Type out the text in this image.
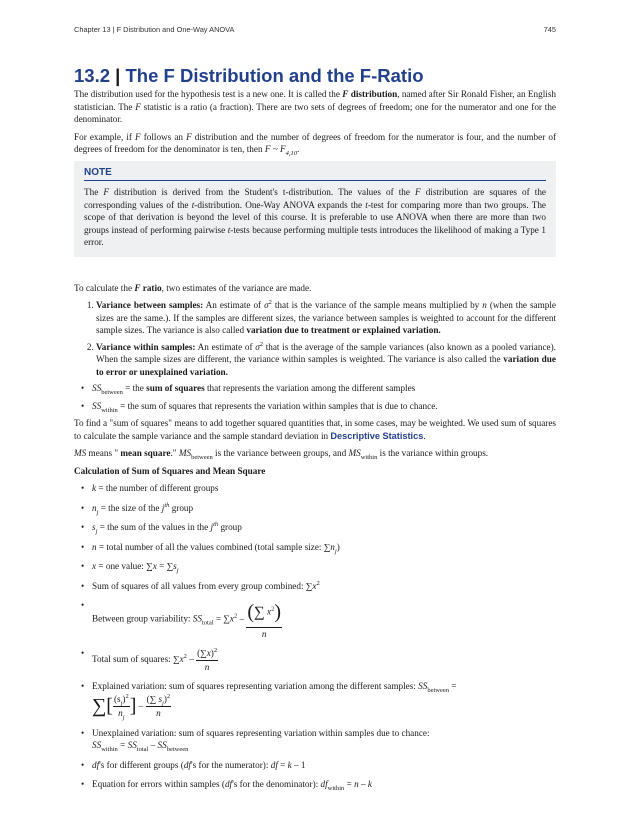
Chapter 13 | F Distribution and One-Way ANOVA	745
13.2 | The F Distribution and the F-Ratio

The distribution used for the hypothesis test is a new one. It is called the F distribution, named after Sir Ronald Fisher, an English statistician. The F statistic is a ratio (a fraction). There are two sets of degrees of freedom; one for the numerator and one for the denominator.

For example, if F follows an F distribution and the number of degrees of freedom for the numerator is four, and the number of degrees of freedom for the denominator is ten, then F ~ $F_{4,10}$.

NOTE

The F distribution is derived from the Student's t-distribution. The values of the F distribution are squares of the corresponding values of the t-distribution. One-Way ANOVA expands the t-test for comparing more than two groups. The scope of that derivation is beyond the level of this course. It is preferable to use ANOVA when there are more than two groups instead of performing pairwise t-tests because performing multiple tests introduces the likelihood of making a Type 1 error.

To calculate the F ratio, two estimates of the variance are made.

1. Variance between samples: An estimate of $\sigma^2$ that is the variance of the sample means multiplied by n (when the sample sizes are the same.). If the samples are different sizes, the variance between samples is weighted to account for the different sample sizes. The variance is also called variation due to treatment or explained variation.
2. Variance within samples: An estimate of $\sigma^2$ that is the average of the sample variances (also known as a pooled variance). When the sample sizes are different, the variance within samples is weighted. The variance is also called the variation due to error or unexplained variation.
• $SS_{between}$ = the sum of squares that represents the variation among the different samples
• $SS_{within}$ = the sum of squares that represents the variation within samples that is due to chance.

To find a "sum of squares" means to add together squared quantities that, in some cases, may be weighted. We used sum of squares to calculate the sample variance and the sample standard deviation in Descriptive Statistics.

MS means " mean square." $MS_{between}$ is the variance between groups, and $MS_{within}$ is the variance within groups.

Calculation of Sum of Squares and Mean Square
• k = the number of different groups
• $n_j$ = the size of the $j^{th}$ group
• $s_j$ = the sum of the values in the $j^{th}$ group
• n = total number of all the values combined (total sample size: $\sum n_j$)
• x = one value: $\sum x = \sum s_j$
• Sum of squares of all values from every group combined: $\sum x^2$
• Between group variability: $SS_{total} = \sum x^2 - \frac{(\sum x^2)}{n}$
• Total sum of squares: $\sum x^2 - \frac{(\sum x)^2}{n}$
• Explained variation: sum of squares representing variation among the different samples: $SS_{between}$ =
∑[ $\frac{(s_j)^2}{n_j}$ ] – $\frac{(\sum s_j)^2}{n}$
• Unexplained variation: sum of squares representing variation within samples due to chance:
$SS_{within} = SS_{total} - SS_{between}$
• df's for different groups (df's for the numerator): df = k – 1
• Equation for errors within samples (df's for the denominator): $df_{within} = n - k$
